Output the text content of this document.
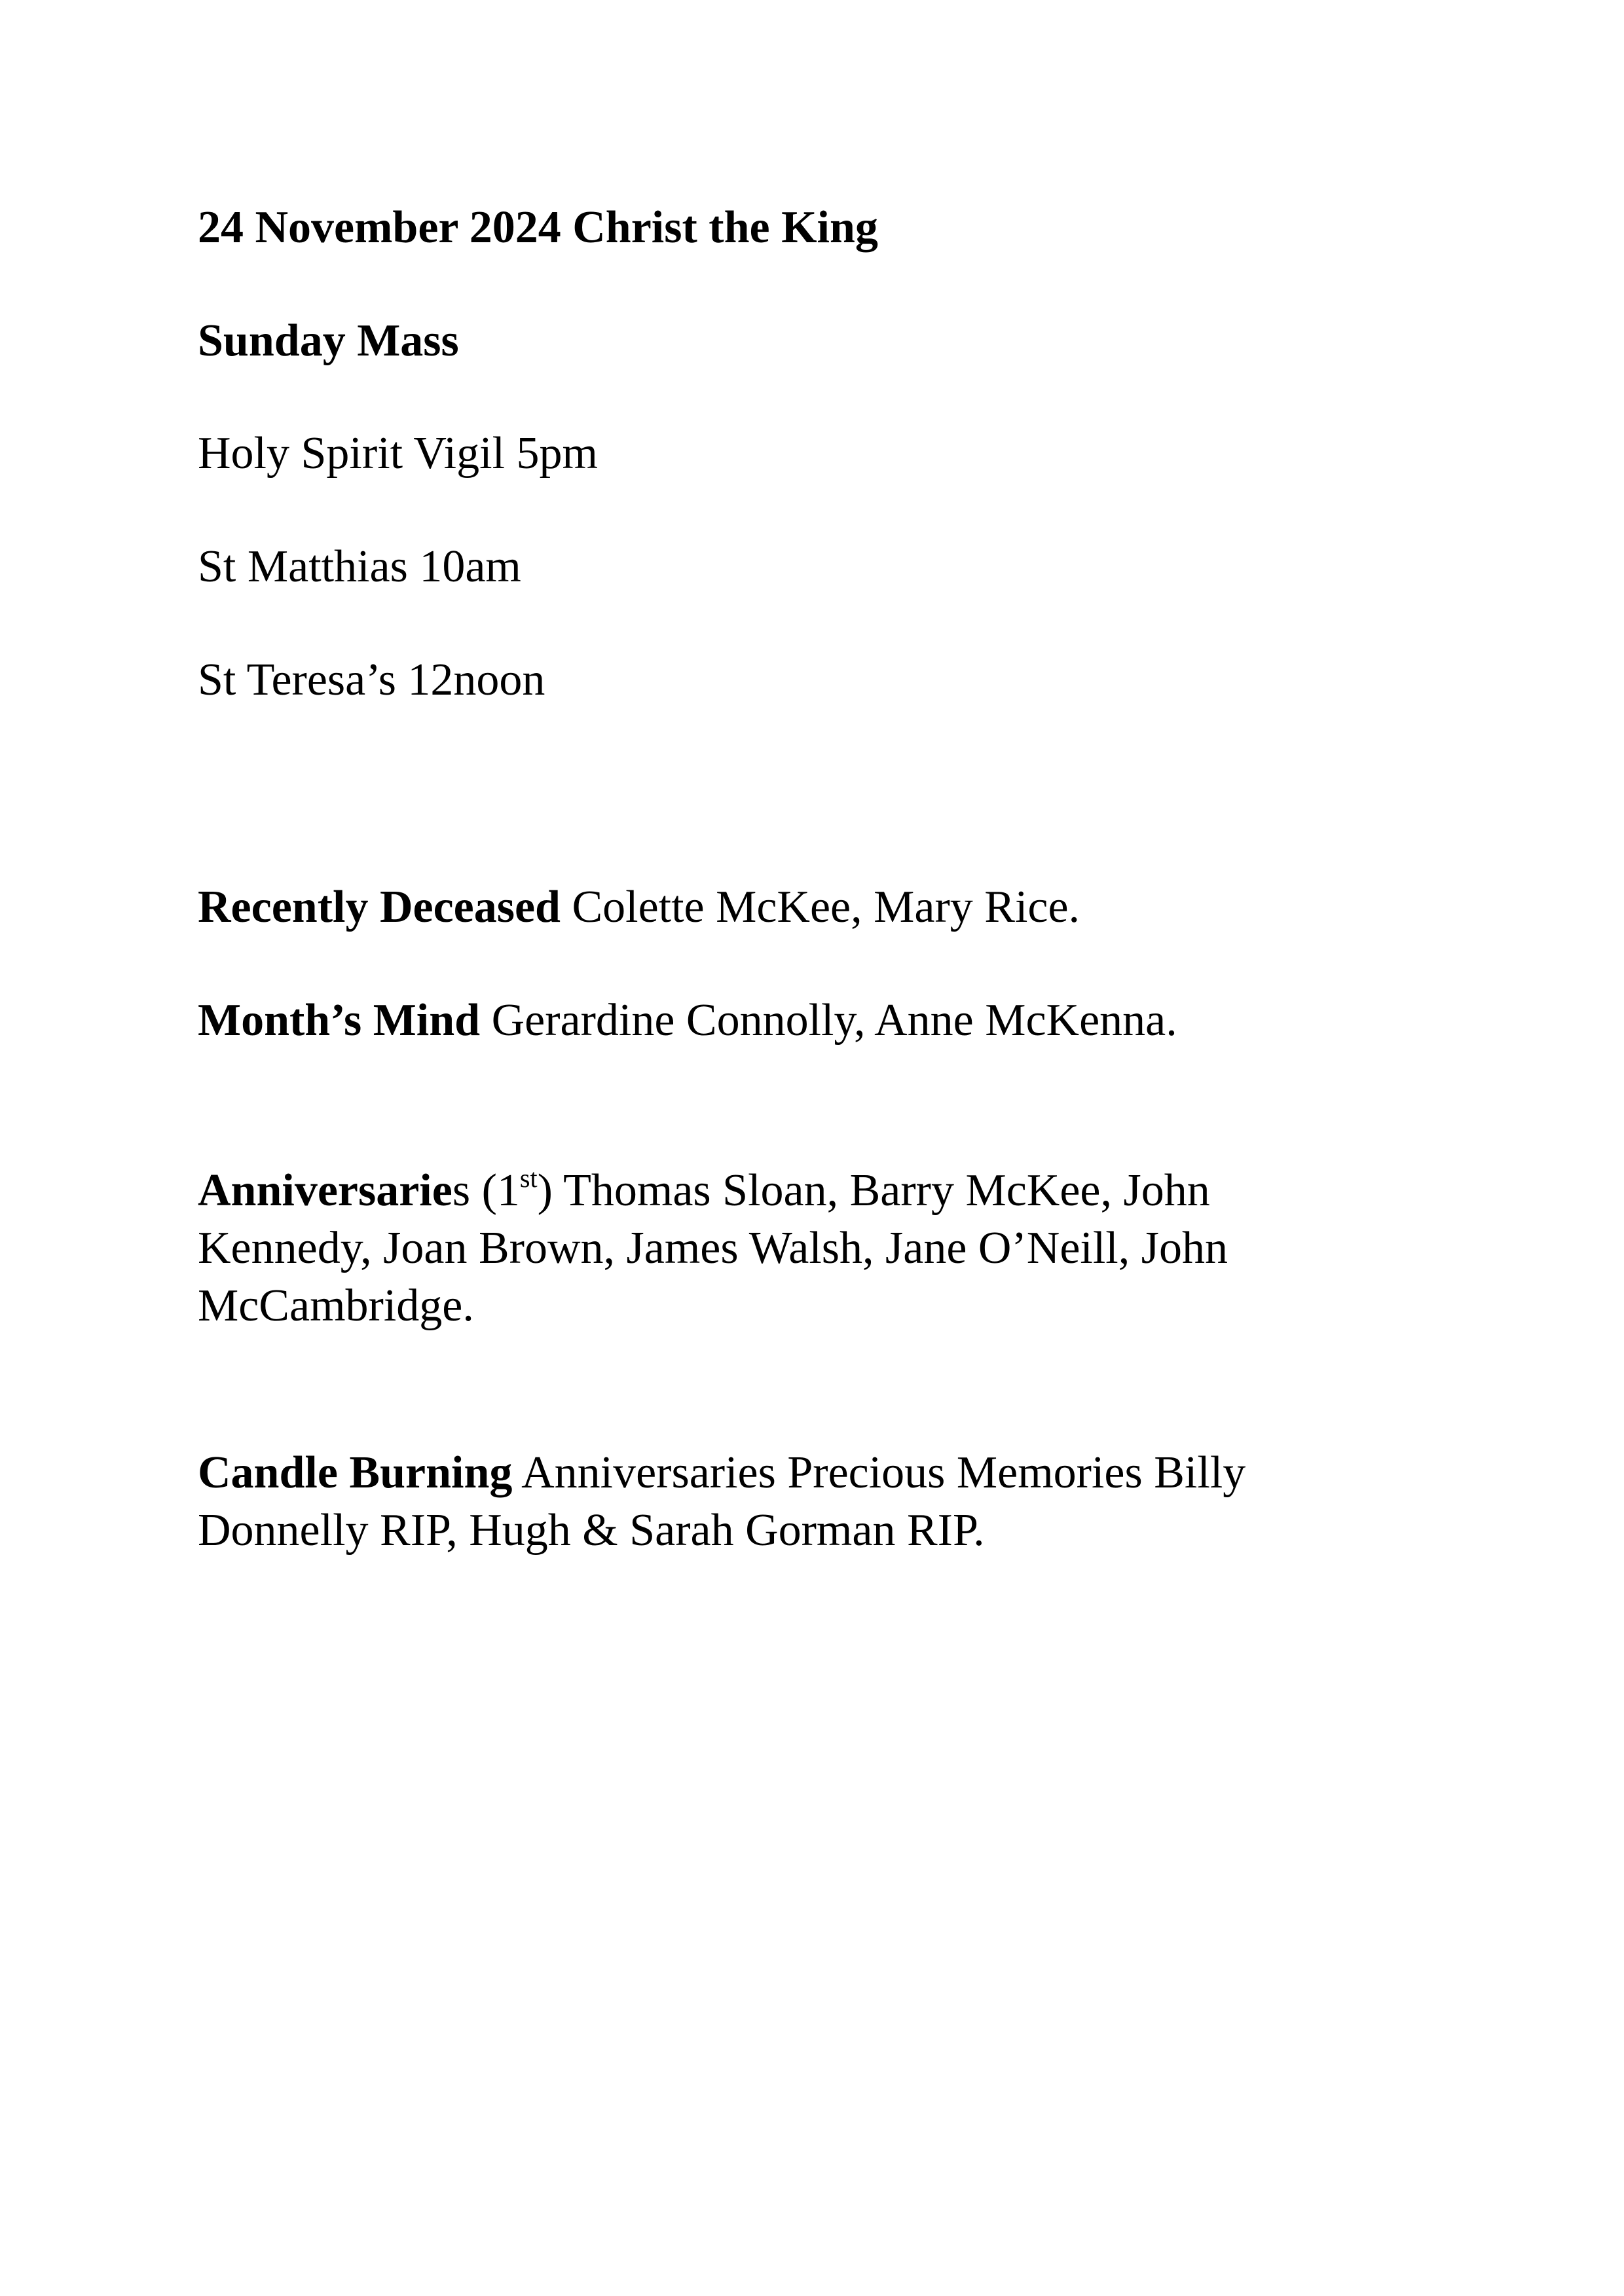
24 November 2024 Christ the King

Sunday Mass

Holy Spirit Vigil 5pm

St Matthias 10am

St Teresa’s 12noon

Recently Deceased Colette McKee, Mary Rice.

Month’s Mind Gerardine Connolly, Anne McKenna.

Anniversaries (1st) Thomas Sloan, Barry McKee, John
Kennedy, Joan Brown, James Walsh, Jane O’Neill, John
McCambridge.
Candle Burning Anniversaries Precious Memories Billy
Donnelly RIP, Hugh & Sarah Gorman RIP.
